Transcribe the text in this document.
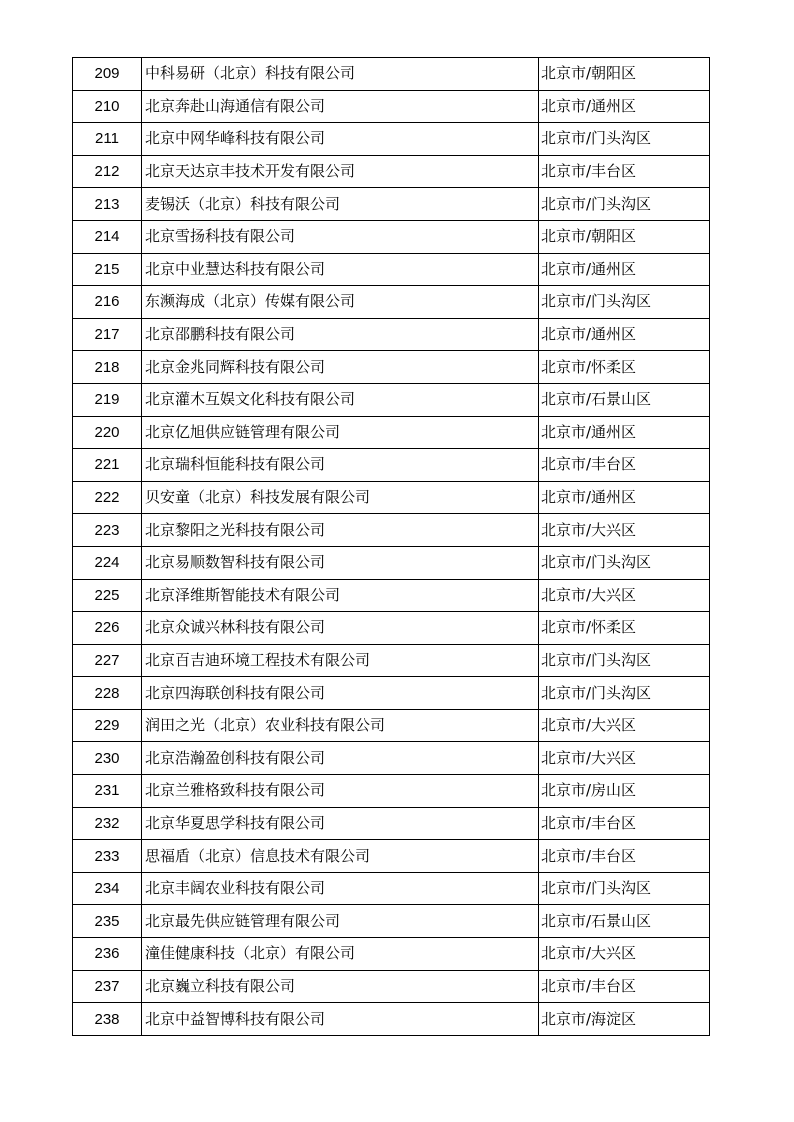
209	中科易研（北京）科技有限公司	北京市/朝阳区
210	北京奔赴山海通信有限公司	北京市/通州区
211	北京中网华峰科技有限公司	北京市/门头沟区
212	北京天达京丰技术开发有限公司	北京市/丰台区
213	麦锡沃（北京）科技有限公司	北京市/门头沟区
214	北京雪扬科技有限公司	北京市/朝阳区
215	北京中业慧达科技有限公司	北京市/通州区
216	东濒海成（北京）传媒有限公司	北京市/门头沟区
217	北京邵鹏科技有限公司	北京市/通州区
218	北京金兆同辉科技有限公司	北京市/怀柔区
219	北京灌木互娱文化科技有限公司	北京市/石景山区
220	北京亿旭供应链管理有限公司	北京市/通州区
221	北京瑞科恒能科技有限公司	北京市/丰台区
222	贝安童（北京）科技发展有限公司	北京市/通州区
223	北京黎阳之光科技有限公司	北京市/大兴区
224	北京易顺数智科技有限公司	北京市/门头沟区
225	北京泽维斯智能技术有限公司	北京市/大兴区
226	北京众诚兴林科技有限公司	北京市/怀柔区
227	北京百吉迪环境工程技术有限公司	北京市/门头沟区
228	北京四海联创科技有限公司	北京市/门头沟区
229	润田之光（北京）农业科技有限公司	北京市/大兴区
230	北京浩瀚盈创科技有限公司	北京市/大兴区
231	北京兰雅格致科技有限公司	北京市/房山区
232	北京华夏思学科技有限公司	北京市/丰台区
233	思福盾（北京）信息技术有限公司	北京市/丰台区
234	北京丰阔农业科技有限公司	北京市/门头沟区
235	北京最先供应链管理有限公司	北京市/石景山区
236	潼佳健康科技（北京）有限公司	北京市/大兴区
237	北京巍立科技有限公司	北京市/丰台区
238	北京中益智博科技有限公司	北京市/海淀区
